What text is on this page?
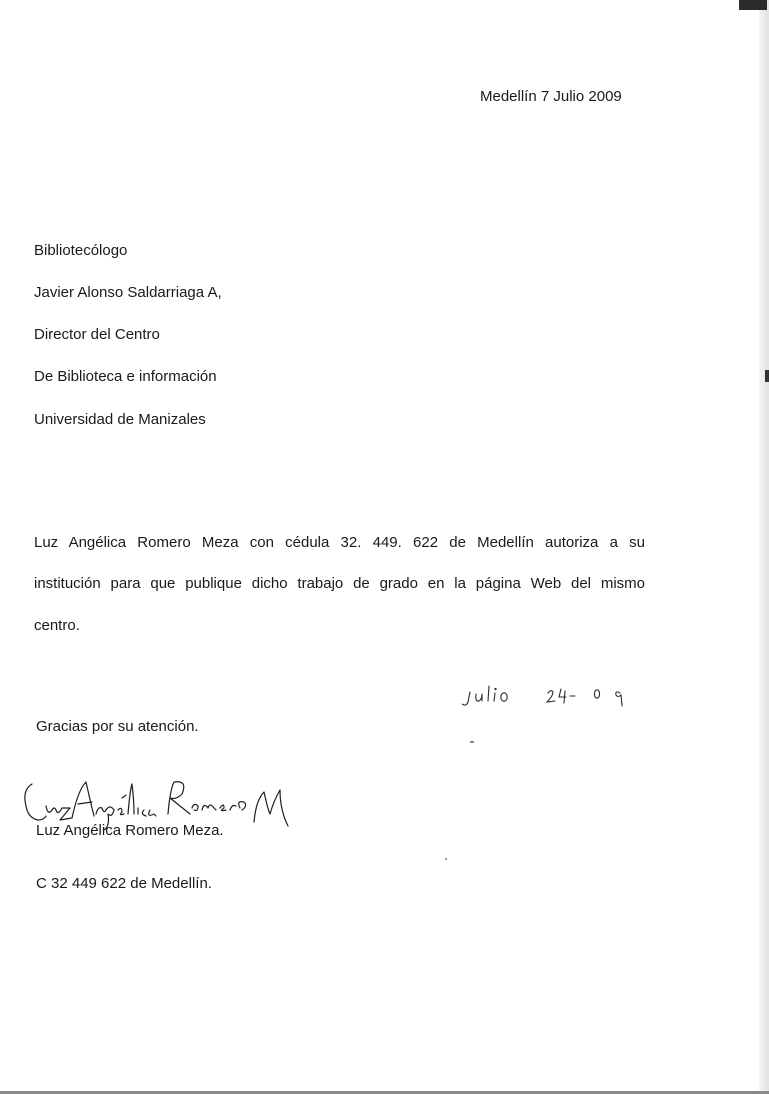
Medellín 7 Julio 2009
Bibliotecólogo
Javier Alonso Saldarriaga A,
Director del Centro
De Biblioteca e información
Universidad de Manizales
Luz Angélica Romero Meza con cédula 32. 449. 622 de Medellín autoriza a su
institución para que publique dicho trabajo de grado en la página Web del mismo
centro.
Gracias por su atención.
Luz Angélica Romero Meza.
C 32 449 622 de Medellín.
